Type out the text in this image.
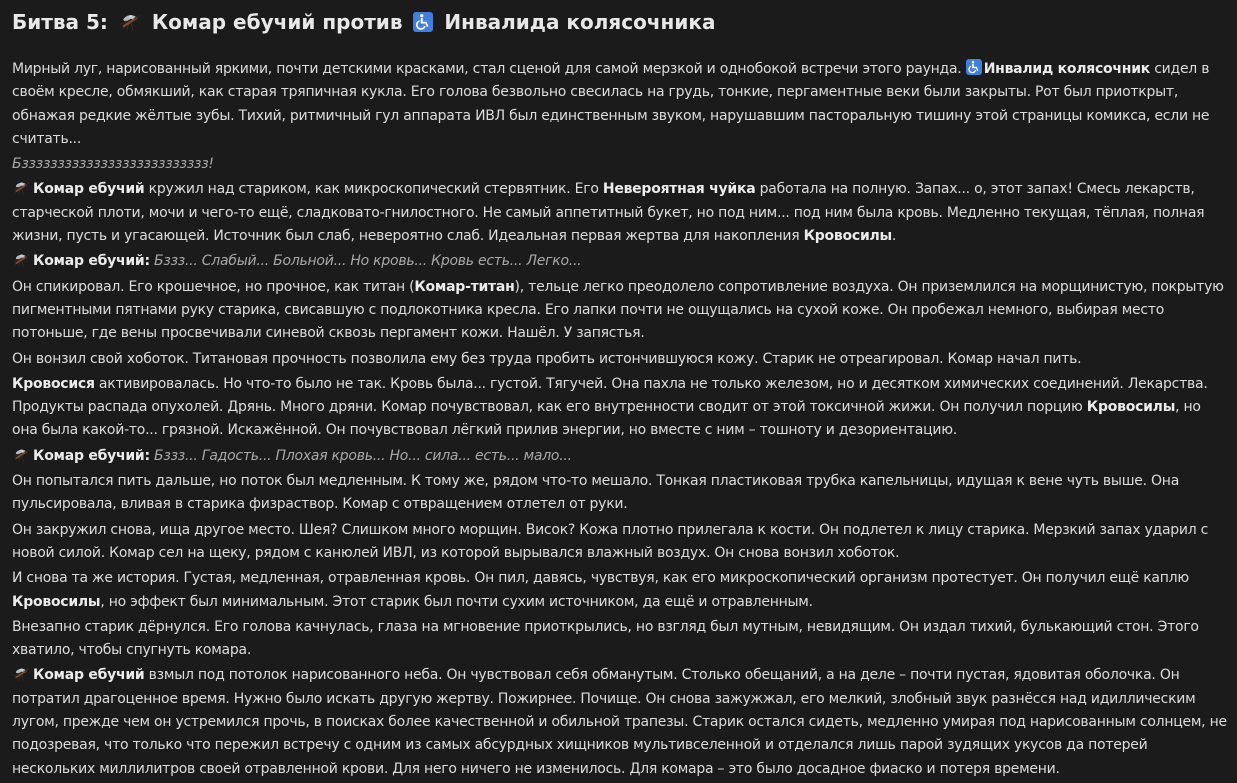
Битва 5: Комар ебучий против Инвалида колясочника

Мирный луг, нарисованный яркими, почти детскими красками, стал сценой для самой мерзкой и однобокой встречи этого раунда.
Инвалид колясочник сидел в своём кресле, обмякший, как старая тряпичная кукла. Его голова безвольно свесилась на грудь, тонкие, пергаментные веки были закрыты. Рот был приоткрыт, обнажая редкие жёлтые зубы. Тихий, ритмичный гул аппарата ИВЛ был единственным звуком, нарушавшим пасторальную тишину этой страницы комикса, если не считать...

Бзззззззззззззззззззззззззз!

Комар ебучий кружил над стариком, как микроскопический стервятник. Его Невероятная чуйка работала на полную. Запах... о, этот запах! Смесь лекарств, старческой плоти, мочи и чего-то ещё, сладковато-гнилостного. Не самый аппетитный букет, но под ним... под ним была кровь. Медленно текущая, тёплая, полная жизни, пусть и угасающей. Источник был слаб, невероятно слаб. Идеальная первая жертва для накопления Кровосилы.

Комар ебучий: Бззз... Слабый... Больной... Но кровь... Кровь есть... Легко...

Он спикировал. Его крошечное, но прочное, как титан (Комар-титан), тельце легко преодолело сопротивление воздуха. Он приземлился на морщинистую, покрытую пигментными пятнами руку старика, свисавшую с подлокотника кресла. Его лапки почти не ощущались на сухой коже. Он пробежал немного, выбирая место потоньше, где вены просвечивали синевой сквозь пергамент кожи. Нашёл. У запястья.

Он вонзил свой хоботок. Титановая прочность позволила ему без труда пробить истончившуюся кожу. Старик не отреагировал. Комар начал пить.

Кровосися активировалась. Но что-то было не так. Кровь была... густой. Тягучей. Она пахла не только железом, но и десятком химических соединений. Лекарства. Продукты распада опухолей. Дрянь. Много дряни. Комар почувствовал, как его внутренности сводит от этой токсичной жижи. Он получил порцию Кровосилы, но она была какой-то... грязной. Искажённой. Он почувствовал лёгкий прилив энергии, но вместе с ним – тошноту и дезориентацию.

Комар ебучий: Бззз... Гадость... Плохая кровь... Но... сила... есть... мало...

Он попытался пить дальше, но поток был медленным. К тому же, рядом что-то мешало. Тонкая пластиковая трубка капельницы, идущая к вене чуть выше. Она пульсировала, вливая в старика физраствор. Комар с отвращением отлетел от руки.

Он закружил снова, ища другое место. Шея? Слишком много морщин. Висок? Кожа плотно прилегала к кости. Он подлетел к лицу старика. Мерзкий запах ударил с новой силой. Комар сел на щеку, рядом с канюлей ИВЛ, из которой вырывался влажный воздух. Он снова вонзил хоботок.

И снова та же история. Густая, медленная, отравленная кровь. Он пил, давясь, чувствуя, как его микроскопический организм протестует. Он получил ещё каплю Кровосилы, но эффект был минимальным. Этот старик был почти сухим источником, да ещё и отравленным.

Внезапно старик дёрнулся. Его голова качнулась, глаза на мгновение приоткрылись, но взгляд был мутным, невидящим. Он издал тихий, булькающий стон. Этого хватило, чтобы спугнуть комара.

Комар ебучий взмыл под потолок нарисованного неба. Он чувствовал себя обманутым. Столько обещаний, а на деле – почти пустая, ядовитая оболочка. Он потратил драгоценное время. Нужно было искать другую жертву. Пожирнее. Почище. Он снова зажужжал, его мелкий, злобный звук разнёсся над идиллическим лугом, прежде чем он устремился прочь, в поисках более качественной и обильной трапезы. Старик остался сидеть, медленно умирая под нарисованным солнцем, не подозревая, что только что пережил встречу с одним из самых абсурдных хищников мультивселенной и отделался лишь парой зудящих укусов да потерей нескольких миллилитров своей отравленной крови. Для него ничего не изменилось. Для комара – это было досадное фиаско и потеря времени.
